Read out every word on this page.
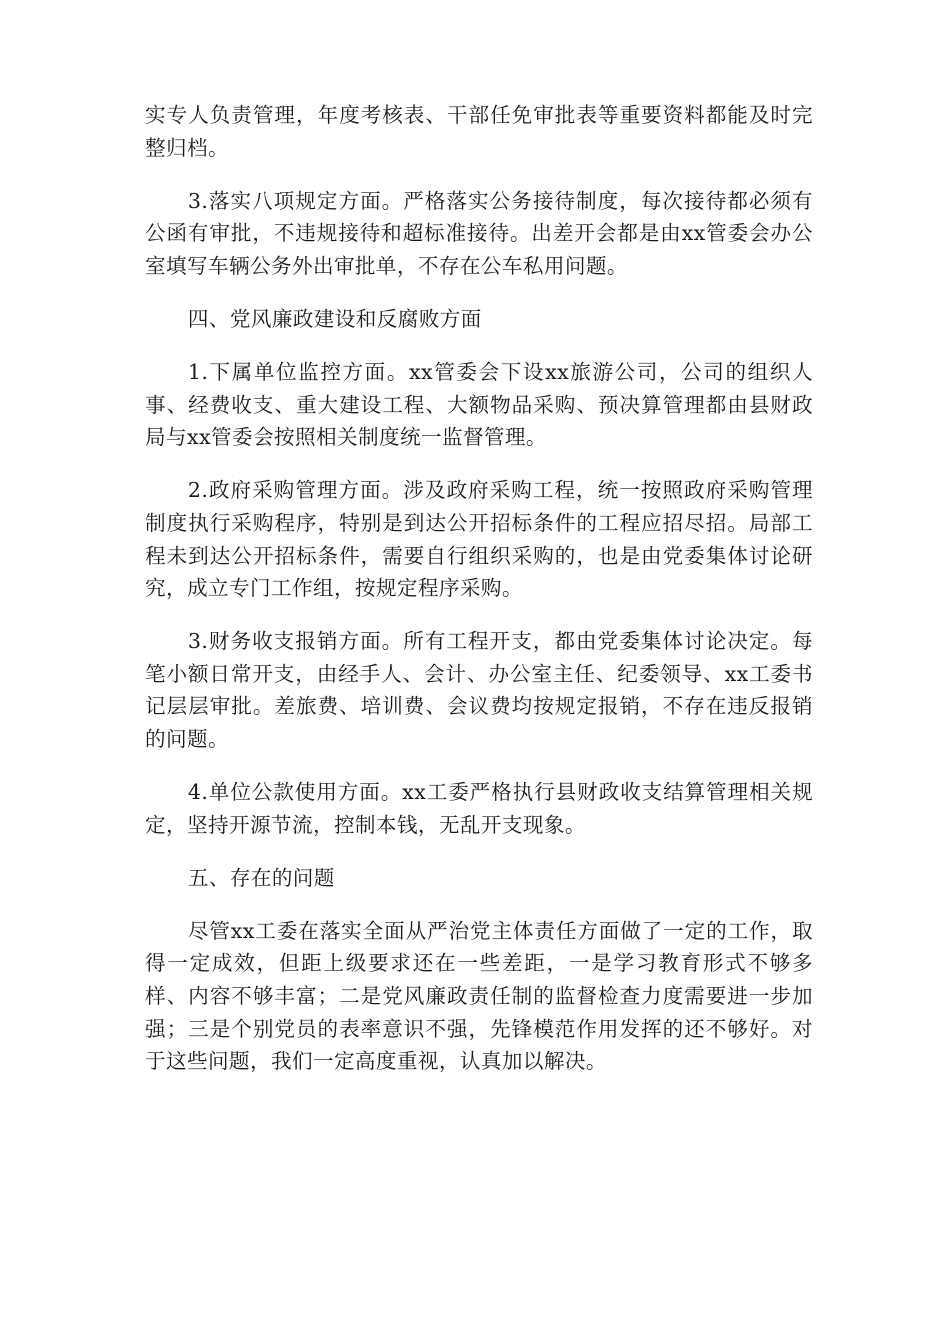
实专人负责管理，年度考核表、干部任免审批表等重要资料都能及时完整归档。

3.落实八项规定方面。严格落实公务接待制度，每次接待都必须有公函有审批，不违规接待和超标准接待。出差开会都是由xx管委会办公室填写车辆公务外出审批单，不存在公车私用问题。

四、党风廉政建设和反腐败方面

1.下属单位监控方面。xx管委会下设xx旅游公司，公司的组织人事、经费收支、重大建设工程、大额物品采购、预决算管理都由县财政局与xx管委会按照相关制度统一监督管理。

2.政府采购管理方面。涉及政府采购工程，统一按照政府采购管理制度执行采购程序，特别是到达公开招标条件的工程应招尽招。局部工程未到达公开招标条件，需要自行组织采购的，也是由党委集体讨论研究，成立专门工作组，按规定程序采购。

3.财务收支报销方面。所有工程开支，都由党委集体讨论决定。每笔小额日常开支，由经手人、会计、办公室主任、纪委领导、xx工委书记层层审批。差旅费、培训费、会议费均按规定报销，不存在违反报销的问题。

4.单位公款使用方面。xx工委严格执行县财政收支结算管理相关规定，坚持开源节流，控制本钱，无乱开支现象。

五、存在的问题

尽管xx工委在落实全面从严治党主体责任方面做了一定的工作，取得一定成效，但距上级要求还在一些差距，一是学习教育形式不够多样、内容不够丰富；二是党风廉政责任制的监督检查力度需要进一步加强；三是个别党员的表率意识不强，先锋模范作用发挥的还不够好。对于这些问题，我们一定高度重视，认真加以解决。
